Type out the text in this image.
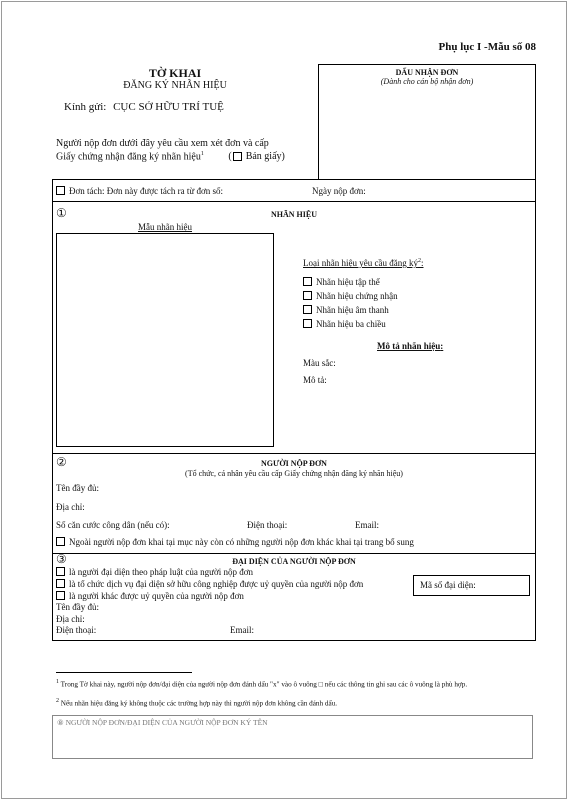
Phụ lục I -Mẫu số 08
TỜ KHAI
ĐĂNG KÝ NHÃN HIỆU
Kính gửi: CỤC SỞ HỮU TRÍ TUỆ
Người nộp đơn dưới đây yêu cầu xem xét đơn và cấp
Giấy chứng nhận đăng ký nhãn hiệu$^1$ ( Bản giấy)
DẤU NHẬN ĐƠN
(Dành cho cán bộ nhận đơn)
Đơn tách: Đơn này được tách ra từ đơn số:	Ngày nộp đơn:
①	NHÃN HIỆU
Mẫu nhãn hiệu
Loại nhãn hiệu yêu cầu đăng $ký^2$:
Nhãn hiệu tập thể
Nhãn hiệu chứng nhận
Nhãn hiệu âm thanh
Nhãn hiệu ba chiều
Mô tả nhãn hiệu:
Màu sắc:
Mô tả:
②	NGƯỜI NỘP ĐƠN
(Tổ chức, cá nhân yêu cầu cấp Giấy chứng nhận đăng ký nhãn hiệu)
Tên đầy đủ:
Địa chỉ:
Số căn cước công dân (nếu có):	Điện thoại:	Email:
Ngoài người nộp đơn khai tại mục này còn có những người nộp đơn khác khai tại trang bổ sung
③	ĐẠI DIỆN CỦA NGƯỜI NỘP ĐƠN
là người đại diện theo pháp luật của người nộp đơn
là tổ chức dịch vụ đại diện sở hữu công nghiệp được uỷ quyền của người nộp đơn
là người khác được uỷ quyền của người nộp đơn
Mã số đại diện:
Tên đầy đủ:
Địa chỉ:
Điện thoại:	Email:
$^1$ Trong Tờ khai này, người nộp đơn/đại diện của người nộp đơn đánh dấu "x" vào ô vuông □ nếu các thông tin ghi sau các ô vuông là phù hợp.
$^2$ Nếu nhãn hiệu đăng ký không thuộc các trường hợp này thì người nộp đơn không cần đánh dấu.
⑧ NGƯỜI NỘP ĐƠN/ĐẠI DIỆN CỦA NGƯỜI NỘP ĐƠN KÝ TÊN
